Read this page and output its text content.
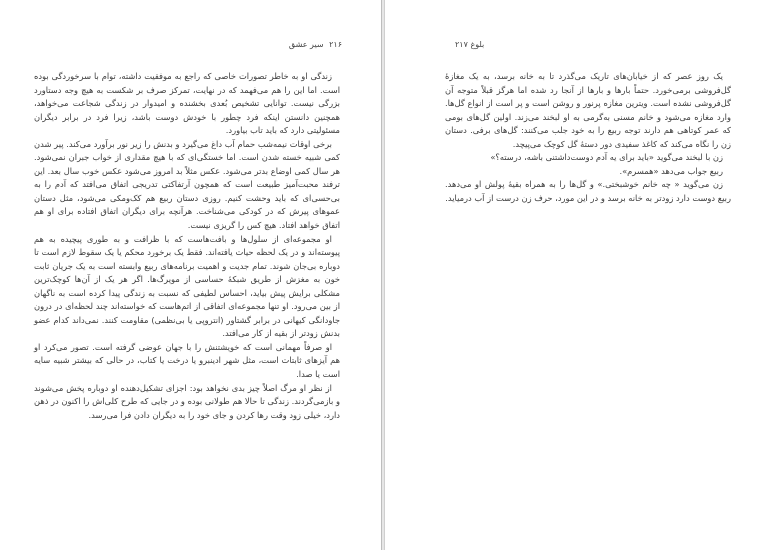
۲۱۶ سیر عشق

زندگی او به خاطر تصورات خاصی که راجع به موفقیت داشته، توام با سرخوردگی بوده است. اما این را هم می‌فهمد که در نهایت، تمرکز صرف بر شکست به هیچ وجه دستاورد بزرگی نیست. توانایی تشخیص بُعدی بخشنده و امیدوار در زندگی شجاعت می‌خواهد، همچنین دانستن اینکه فرد چطور با خودش دوست باشد، زیرا فرد در برابر دیگران مسئولیتی دارد که باید تاب بیاورد.

برخی اوقات نیمه‌شب حمام آب داغ می‌گیرد و بدنش را زیر نور برآورد می‌کند. پیر شدن کمی شبیه خسته شدن است. اما خستگی‌ای که با هیچ مقداری از خواب جبران نمی‌شود. هر سال کمی اوضاع بدتر می‌شود. عکس مثلاً بد امروز می‌شود عکس خوب سال بعد. این ترفند محبت‌آمیز طبیعت است که همچون آرتفاکتی تدریجی اتفاق می‌افتد که آدم را به بی‌حسی‌ای که باید وحشت کنیم. روزی دستان ربیع هم کک‌ومکی می‌شود، مثل دستان عموهای پیرش که در کودکی می‌شناخت. هرآنچه برای دیگران اتفاق افتاده برای او هم اتفاق خواهد افتاد. هیچ کس را گریزی نیست.

او مجموعه‌ای از سلول‌ها و بافت‌هاست که با ظرافت و به طوری پیچیده به هم پیوسته‌اند و در یک لحظه حیات یافته‌اند. فقط یک برخورد محکم یا یک سقوط لازم است تا دوباره بی‌جان شوند. تمام جدیت و اهمیت برنامه‌های ربیع وابسته است به یک جریان ثابت خون به مغزش از طریق شبکهٔ حساسی از مویرگ‌ها. اگر هر یک از آن‌ها کوچک‌ترین مشکلی برایش پیش بیاید، احساس لطیفی که نسبت به زندگی پیدا کرده است به ناگهان از بین می‌رود. او تنها مجموعه‌ای اتفاقی از اتم‌هاست که خواسته‌اند چند لحظه‌ای در درون جاودانگی کیهانی در برابر گشتاور (انتروپی یا بی‌نظمی) مقاومت کنند. نمی‌داند کدام عضو بدنش زودتر از بقیه از کار می‌افتد.

او صرفاً مهمانی است که خویشتنش را با جهان عوضی گرفته است. تصور می‌کرد او هم آیزهای ثابتات است، مثل شهر ادینبرو یا درخت یا کتاب، در حالی که بیشتر شبیه سایه است یا صدا.

از نظر او مرگ اصلاً چیز بدی نخواهد بود: اجزای تشکیل‌دهنده او دوباره پخش می‌شوند و بازمی‌گردند. زندگی تا حالا هم طولانی بوده و در جایی که طرح کلی‌اش را اکنون در ذهن دارد، خیلی زود وقت رها کردن و جای خود را به دیگران دادن فرا می‌رسد.

بلوغ ۲۱۷

یک روز عصر که از خیابان‌های تاریک می‌گذرد تا به خانه برسد، به یک مغازهٔ گل‌فروشی برمی‌خورد. حتماً بارها و بارها از آنجا رد شده اما هرگز قبلاً متوجه آن گل‌فروشی نشده است. ویترین مغازه پرنور و روشن است و پر است از انواع گل‌ها. وارد مغازه می‌شود و خانم مسنی به‌گرمی به او لبخند می‌زند. اولین گل‌های بومی که عمر کوتاهی هم دارند توجه ربیع را به خود جلب می‌کنند: گل‌های برفی. دستان زن را نگاه می‌کند که کاغذ سفیدی دور دستهٔ گل کوچک می‌پیچد.

زن با لبخند می‌گوید «باید برای یه آدم دوست‌داشتنی باشه، درسته؟»

ربیع جواب می‌دهد «همسرم».

زن می‌گوید « چه خانم خوشبختی.» و گل‌ها را به همراه بقیهٔ پولش او می‌دهد. ربیع دوست دارد زودتر به خانه برسد و در این مورد، حرف زن درست از آب درمیاید.
